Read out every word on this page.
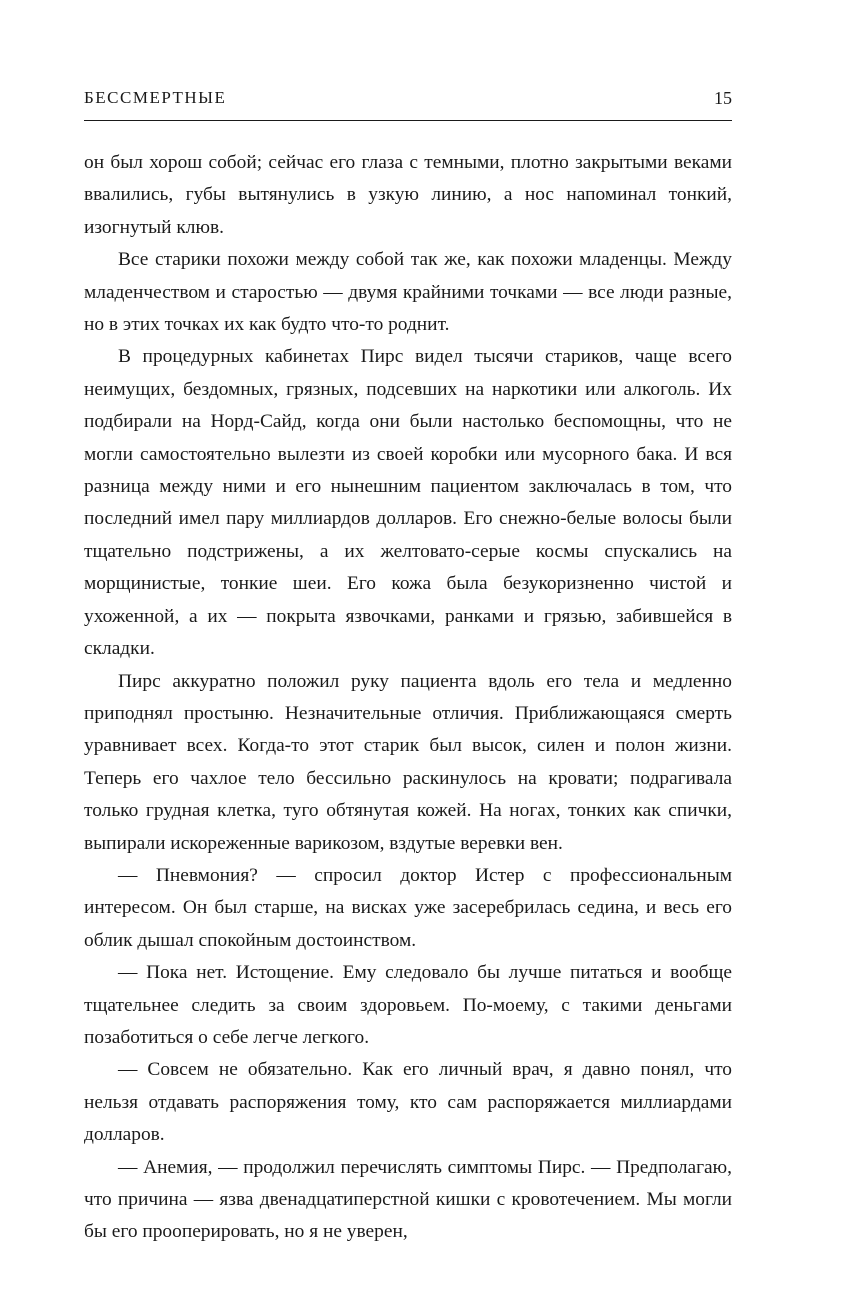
БЕССМЕРТНЫЕ	15

он был хорош собой; сейчас его глаза с темными, плотно закрытыми веками ввалились, губы вытянулись в узкую линию, а нос напоминал тонкий, изогнутый клюв.

Все старики похожи между собой так же, как похожи младенцы. Между младенчеством и старостью — двумя крайними точками — все люди разные, но в этих точках их как будто что-то роднит.

В процедурных кабинетах Пирс видел тысячи стариков, чаще всего неимущих, бездомных, грязных, подсевших на наркотики или алкоголь. Их подбирали на Норд-Сайд, когда они были настолько беспомощны, что не могли самостоятельно вылезти из своей коробки или мусорного бака. И вся разница между ними и его нынешним пациентом заключалась в том, что последний имел пару миллиардов долларов. Его снежно-белые волосы были тщательно подстрижены, а их желтовато-серые космы спускались на морщинистые, тонкие шеи. Его кожа была безукоризненно чистой и ухоженной, а их — покрыта язвочками, ранками и грязью, забившейся в складки.

Пирс аккуратно положил руку пациента вдоль его тела и медленно приподнял простыню. Незначительные отличия. Приближающаяся смерть уравнивает всех. Когда-то этот старик был высок, силен и полон жизни. Теперь его чахлое тело бессильно раскинулось на кровати; подрагивала только грудная клетка, туго обтянутая кожей. На ногах, тонких как спички, выпирали искореженные варикозом, вздутые веревки вен.

— Пневмония? — спросил доктор Истер с профессиональным интересом. Он был старше, на висках уже засеребрилась седина, и весь его облик дышал спокойным достоинством.

— Пока нет. Истощение. Ему следовало бы лучше питаться и вообще тщательнее следить за своим здоровьем. По-моему, с такими деньгами позаботиться о себе легче легкого.

— Совсем не обязательно. Как его личный врач, я давно понял, что нельзя отдавать распоряжения тому, кто сам распоряжается миллиардами долларов.

— Анемия, — продолжил перечислять симптомы Пирс. — Предполагаю, что причина — язва двенадцатиперстной кишки с кровотечением. Мы могли бы его прооперировать, но я не уверен,
